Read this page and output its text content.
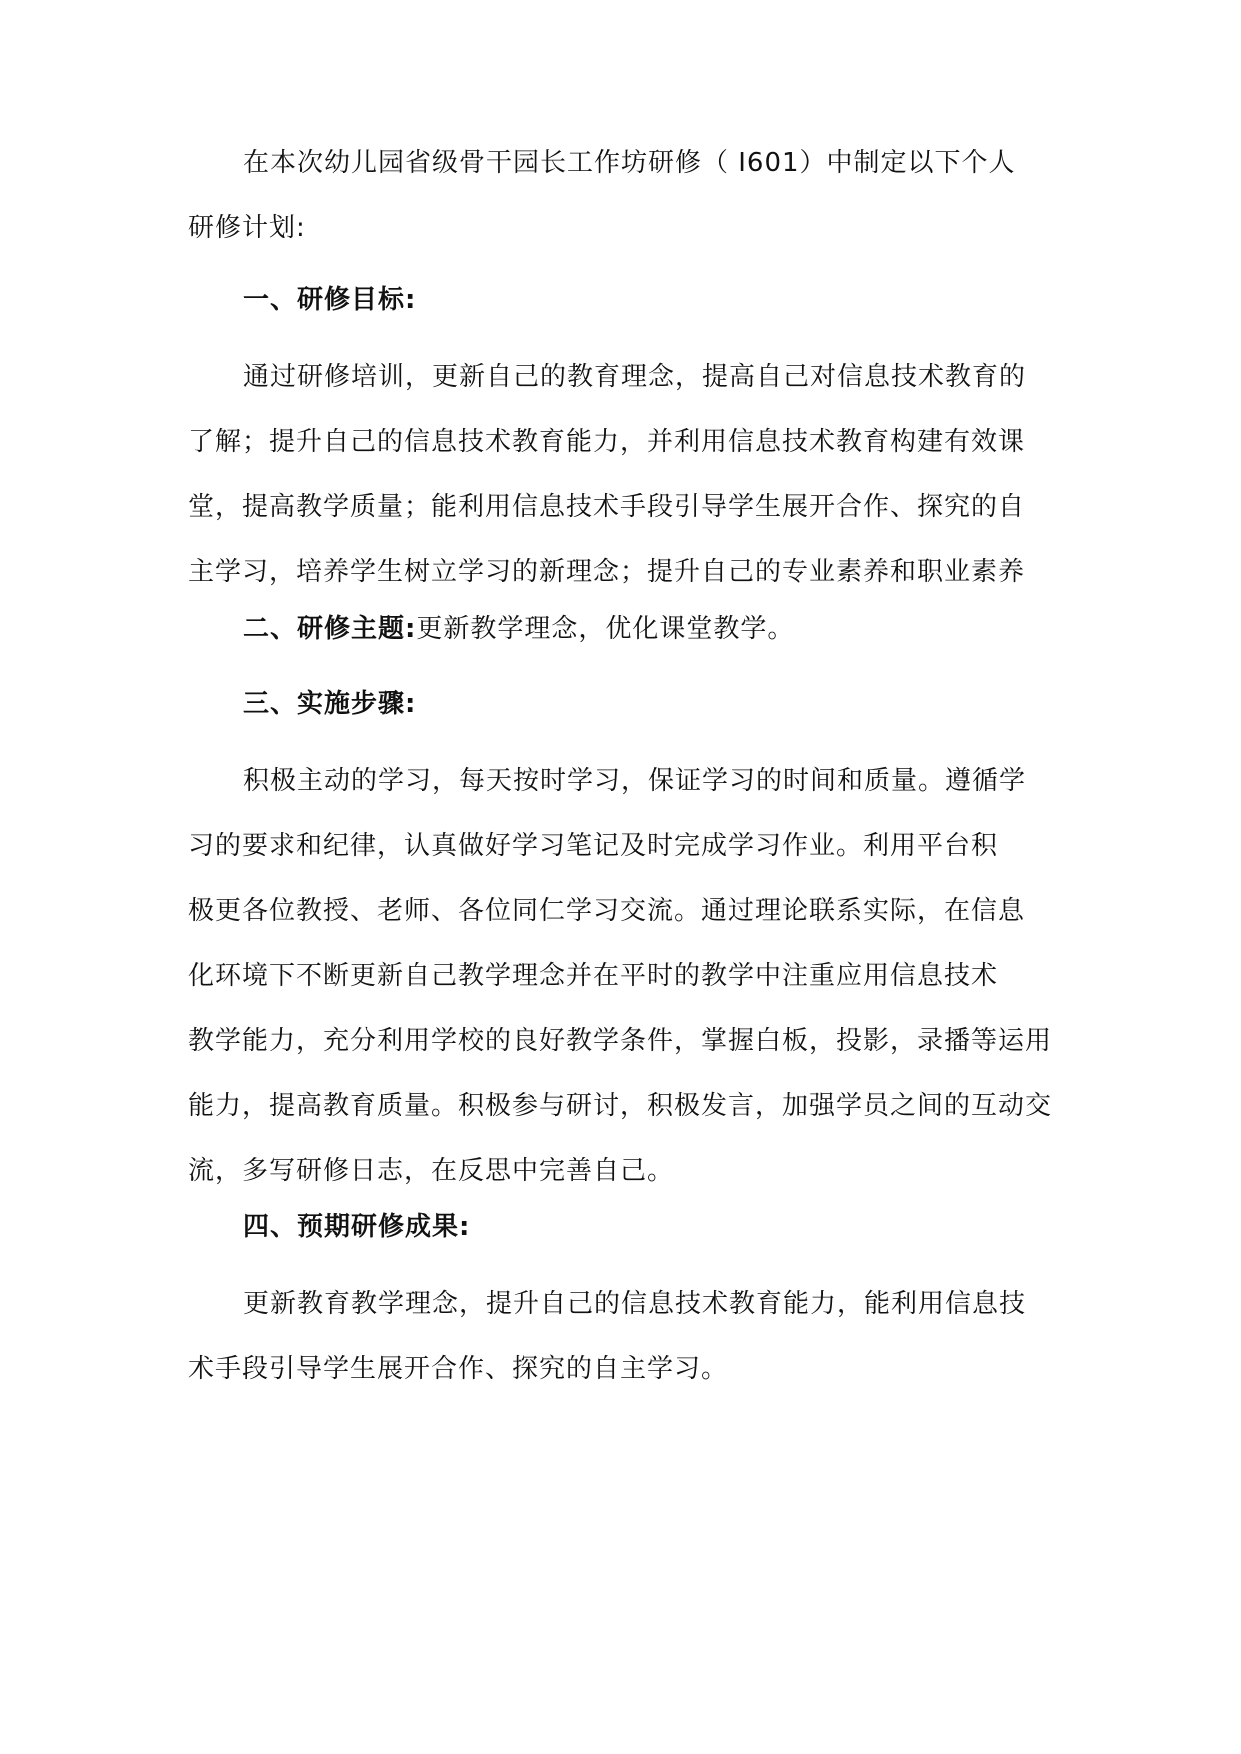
在本次幼儿园省级骨干园长工作坊研修（ I601）中制定以下个人
研修计划:
一、研修目标:
通过研修培训，更新自己的教育理念，提高自己对信息技术教育的
了解；提升自己的信息技术教育能力，并利用信息技术教育构建有效课
堂，提高教学质量；能利用信息技术手段引导学生展开合作、探究的自
主学习，培养学生树立学习的新理念；提升自己的专业素养和职业素养
二、研修主题:更新教学理念，优化课堂教学。
三、实施步骤:
积极主动的学习，每天按时学习，保证学习的时间和质量。遵循学
习的要求和纪律，认真做好学习笔记及时完成学习作业。利用平台积
极更各位教授、老师、各位同仁学习交流。通过理论联系实际，在信息
化环境下不断更新自己教学理念并在平时的教学中注重应用信息技术
教学能力，充分利用学校的良好教学条件，掌握白板，投影，录播等运用
能力，提高教育质量。积极参与研讨，积极发言，加强学员之间的互动交
流，多写研修日志，在反思中完善自己。
四、预期研修成果:
更新教育教学理念，提升自己的信息技术教育能力，能利用信息技
术手段引导学生展开合作、探究的自主学习。
